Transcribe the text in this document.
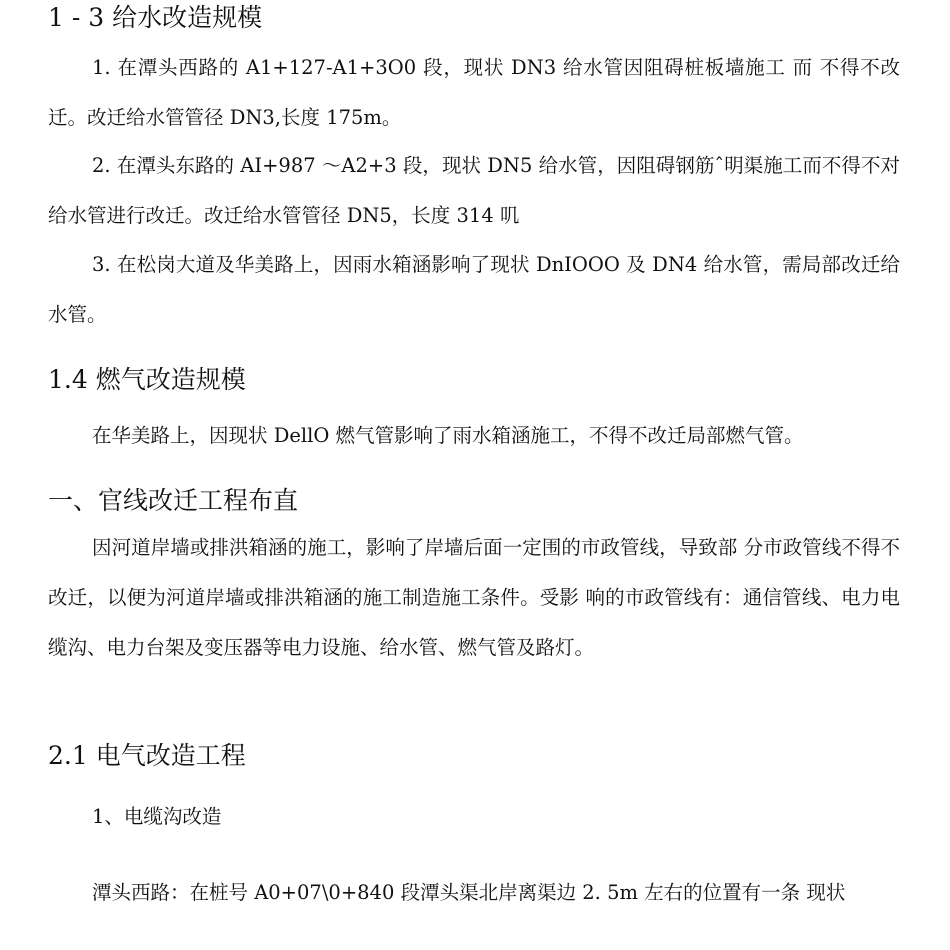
1 - 3 给水改造规模
1. 在潭头西路的 A1+127-A1+3O0 段，现状 DN3 给水管因阻碍桩板墙施工 而 不得不改迁。改迁给水管管径 DN3,长度 175m。
2. 在潭头东路的 AI+987 〜A2+3 段，现状 DN5 给水管，因阻碍钢筋ˆ明渠施工而不得不对给水管进行改迁。改迁给水管管径 DN5，长度 314 叽
3. 在松岗大道及华美路上，因雨水箱涵影响了现状 DnIOOO 及 DN4 给水管，需局部改迁给水管。
1.4 燃气改造规模
在华美路上，因现状 DellO 燃气管影响了雨水箱涵施工，不得不改迁局部燃气管。
一、官线改迁工程布直
因河道岸墙或排洪箱涵的施工，影响了岸墙后面一定围的市政管线，导致部 分市政管线不得不改迁，以便为河道岸墙或排洪箱涵的施工制造施工条件。受影 响的市政管线有：通信管线、电力电缆沟、电力台架及变压器等电力设施、给水管、燃气管及路灯。
2.1 电气改造工程
1、电缆沟改造
潭头西路：在桩号 A0+07\0+840 段潭头渠北岸离渠边 2. 5m 左右的位置有一条 现状
